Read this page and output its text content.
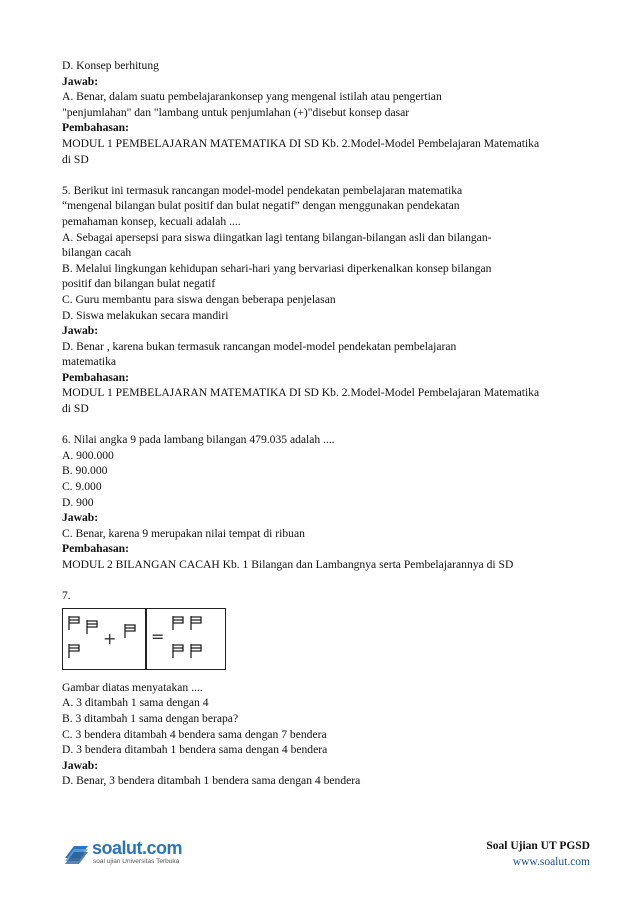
D. Konsep berhitung
Jawab:
A. Benar, dalam suatu pembelajarankonsep yang mengenal istilah atau pengertian
"penjumlahan" dan "lambang untuk penjumlahan (+)"disebut konsep dasar
Pembahasan:
MODUL 1 PEMBELAJARAN MATEMATIKA DI SD Kb. 2.Model-Model Pembelajaran Matematika
di SD
5. Berikut ini termasuk rancangan model-model pendekatan pembelajaran matematika
“mengenal bilangan bulat positif dan bulat negatif” dengan menggunakan pendekatan
pemahaman konsep, kecuali adalah ....
A. Sebagai apersepsi para siswa diingatkan lagi tentang bilangan-bilangan asli dan bilangan-
bilangan cacah
B. Melalui lingkungan kehidupan sehari-hari yang bervariasi diperkenalkan konsep bilangan
positif dan bilangan bulat negatif
C. Guru membantu para siswa dengan beberapa penjelasan
D. Siswa melakukan secara mandiri
Jawab:
D. Benar , karena bukan termasuk rancangan model-model pendekatan pembelajaran
matematika
Pembahasan:
MODUL 1 PEMBELAJARAN MATEMATIKA DI SD Kb. 2.Model-Model Pembelajaran Matematika
di SD
6. Nilai angka 9 pada lambang bilangan 479.035 adalah ....
A. 900.000
B. 90.000
C. 9.000
D. 900
Jawab:
C. Benar, karena 9 merupakan nilai tempat di ribuan
Pembahasan:
MODUL 2 BILANGAN CACAH Kb. 1 Bilangan dan Lambangnya serta Pembelajarannya di SD
7.
+ =
Gambar diatas menyatakan ....
A. 3 ditambah 1 sama dengan 4
B. 3 ditambah 1 sama dengan berapa?
C. 3 bendera ditambah 4 bendera sama dengan 7 bendera
D. 3 bendera ditambah 1 bendera sama dengan 4 bendera
Jawab:
D. Benar, 3 bendera ditambah 1 bendera sama dengan 4 bendera
soalut.com
soal ujian Universitas Terbuka
Soal Ujian UT PGSD
www.soalut.com
